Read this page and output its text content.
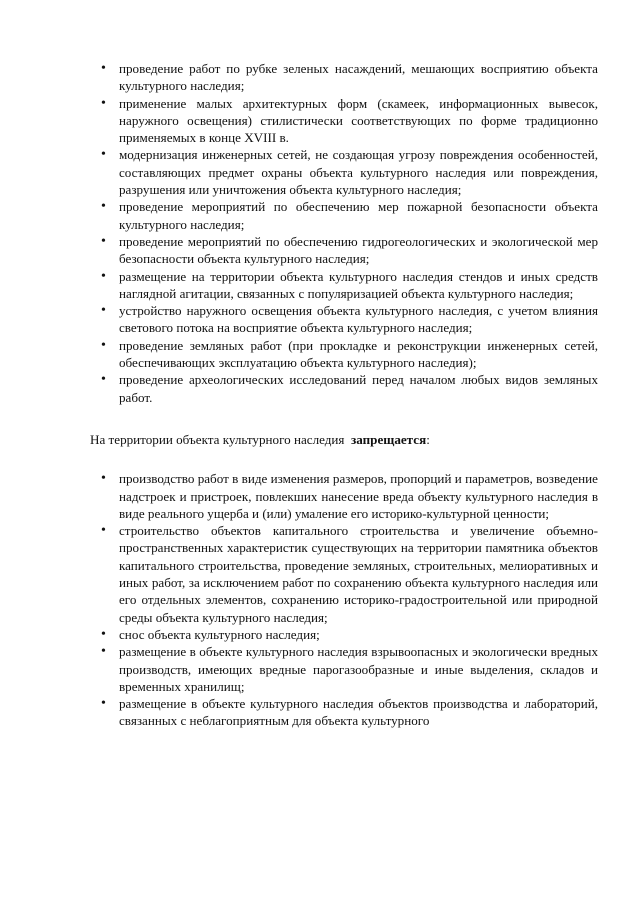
• проведение работ по рубке зеленых насаждений, мешающих восприятию объекта культурного наследия;
• применение малых архитектурных форм (скамеек, информационных вывесок, наружного освещения) стилистически соответствующих по форме традиционно применяемых в конце XVIII в.
• модернизация инженерных сетей, не создающая угрозу повреждения особенностей, составляющих предмет охраны объекта культурного наследия или повреждения, разрушения или уничтожения объекта культурного наследия;
• проведение мероприятий по обеспечению мер пожарной безопасности объекта культурного наследия;
• проведение мероприятий по обеспечению гидрогеологических и экологической мер безопасности объекта культурного наследия;
• размещение на территории объекта культурного наследия стендов и иных средств наглядной агитации, связанных с популяризацией объекта культурного наследия;
• устройство наружного освещения объекта культурного наследия, с учетом влияния светового потока на восприятие объекта культурного наследия;
• проведение земляных работ (при прокладке и реконструкции инженерных сетей, обеспечивающих эксплуатацию объекта культурного наследия);
• проведение археологических исследований перед началом любых видов земляных работ.

На территории объекта культурного наследия запрещается:

• производство работ в виде изменения размеров, пропорций и параметров, возведение надстроек и пристроек, повлекших нанесение вреда объекту культурного наследия в виде реального ущерба и (или) умаление его историко-культурной ценности;
• строительство объектов капитального строительства и увеличение объемно-пространственных характеристик существующих на территории памятника объектов капитального строительства, проведение земляных, строительных, мелиоративных и иных работ, за исключением работ по сохранению объекта культурного наследия или его отдельных элементов, сохранению историко-градостроительной или природной среды объекта культурного наследия;
• снос объекта культурного наследия;
• размещение в объекте культурного наследия взрывоопасных и экологически вредных производств, имеющих вредные парогазообразные и иные выделения, складов и временных хранилищ;
• размещение в объекте культурного наследия объектов производства и лабораторий, связанных с неблагоприятным для объекта культурного
